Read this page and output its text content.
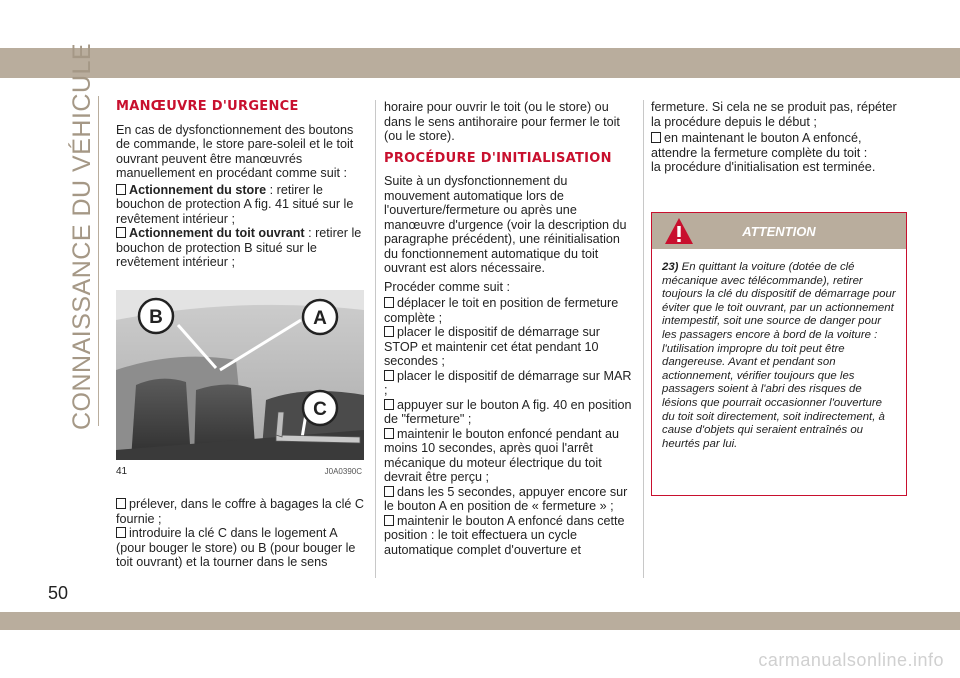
CONNAISSANCE DU VÉHICULE MANŒUVRE D'URGENCE

En cas de dysfonctionnement des boutons de commande, le store pare-soleil et le toit ouvrant peuvent être manœuvrés manuellement en procédant comme suit :

Actionnement du store : retirer le bouchon de protection A fig. 41 situé sur le revêtement intérieur ;

Actionnement du toit ouvrant : retirer le bouchon de protection B situé sur le revêtement intérieur ;

B	A
C
41	J0A0390C

prélever, dans le coffre à bagages la clé C fournie ;

introduire la clé C dans le logement A (pour bouger le store) ou B (pour bouger le toit ouvrant) et la tourner dans le sens

horaire pour ouvrir le toit (ou le store) ou dans le sens antihoraire pour fermer le toit (ou le store).

PROCÉDURE D'INITIALISATION

Suite à un dysfonctionnement du mouvement automatique lors de l'ouverture/fermeture ou après une manœuvre d'urgence (voir la description du paragraphe précédent), une réinitialisation du fonctionnement automatique du toit ouvrant est alors nécessaire.

Procéder comme suit :

déplacer le toit en position de fermeture complète ;

placer le dispositif de démarrage sur STOP et maintenir cet état pendant 10 secondes ;

placer le dispositif de démarrage sur MAR ;

appuyer sur le bouton A fig. 40 en position de "fermeture" ;

maintenir le bouton enfoncé pendant au moins 10 secondes, après quoi l'arrêt mécanique du moteur électrique du toit devrait être perçu ;

dans les 5 secondes, appuyer encore sur le bouton A en position de « fermeture » ;

maintenir le bouton A enfoncé dans cette position : le toit effectuera un cycle automatique complet d'ouverture et

fermeture. Si cela ne se produit pas, répéter la procédure depuis le début ;

en maintenant le bouton A enfoncé, attendre la fermeture complète du toit :

la procédure d'initialisation est terminée.

ATTENTION
23) En quittant la voiture (dotée de clé mécanique avec télécommande), retirer toujours la clé du dispositif de démarrage pour éviter que le toit ouvrant, par un actionnement intempestif, soit une source de danger pour les passagers encore à bord de la voiture : l'utilisation impropre du toit peut être dangereuse. Avant et pendant son actionnement, vérifier toujours que les passagers soient à l'abri des risques de lésions que pourrait occasionner l'ouverture du toit soit directement, soit indirectement, à cause d'objets qui seraient entraînés ou heurtés par lui.
50
carmanualsonline.info
